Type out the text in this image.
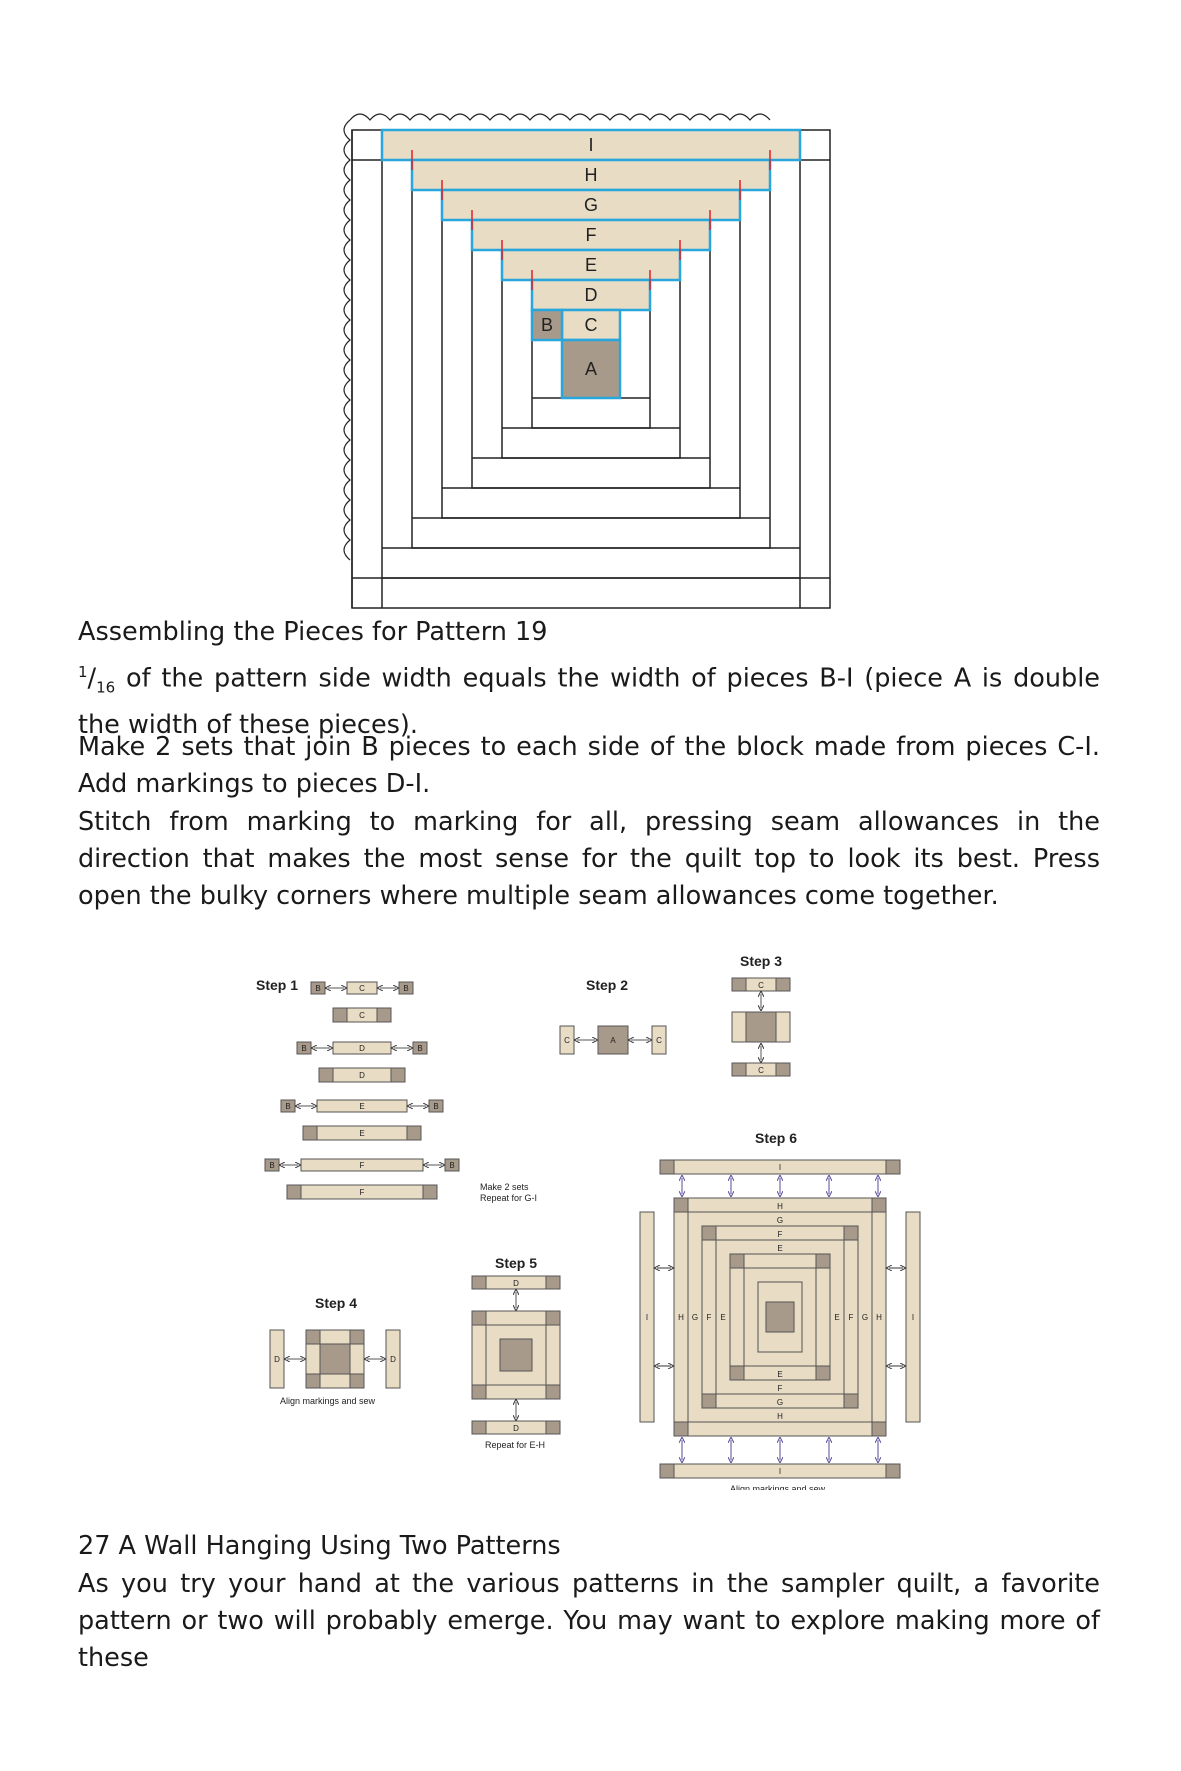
I
H
G
F
E
D
C
B
A

Assembling the Pieces for Pattern 19

$^1/_{16}$ of the pattern side width equals the width of pieces B-I (piece A is double the width of these pieces).

Make 2 sets that join B pieces to each side of the block made from pieces C-I. Add markings to pieces D-I.

Stitch from marking to marking for all, pressing seam allowances in the direction that makes the most sense for the quilt top to look its best. Press open the bulky corners where multiple seam allowances come together.

Step 1	Step 2
Step 3
Step 4
Step 5
Step 6
B	C	B
C
B	D	B
D
B	E	B
E
B	F	B
F
Make 2 sets
Repeat for G-I
C	A	C
C
C
D	D
Align markings and sew
D
D
Repeat for E-H
I
I
H
G
F
E
E
F
G
H
I	H G F E	E F G H	I
Align markings and sew

27 A Wall Hanging Using Two Patterns

As you try your hand at the various patterns in the sampler quilt, a favorite pattern or two will probably emerge. You may want to explore making more of these
